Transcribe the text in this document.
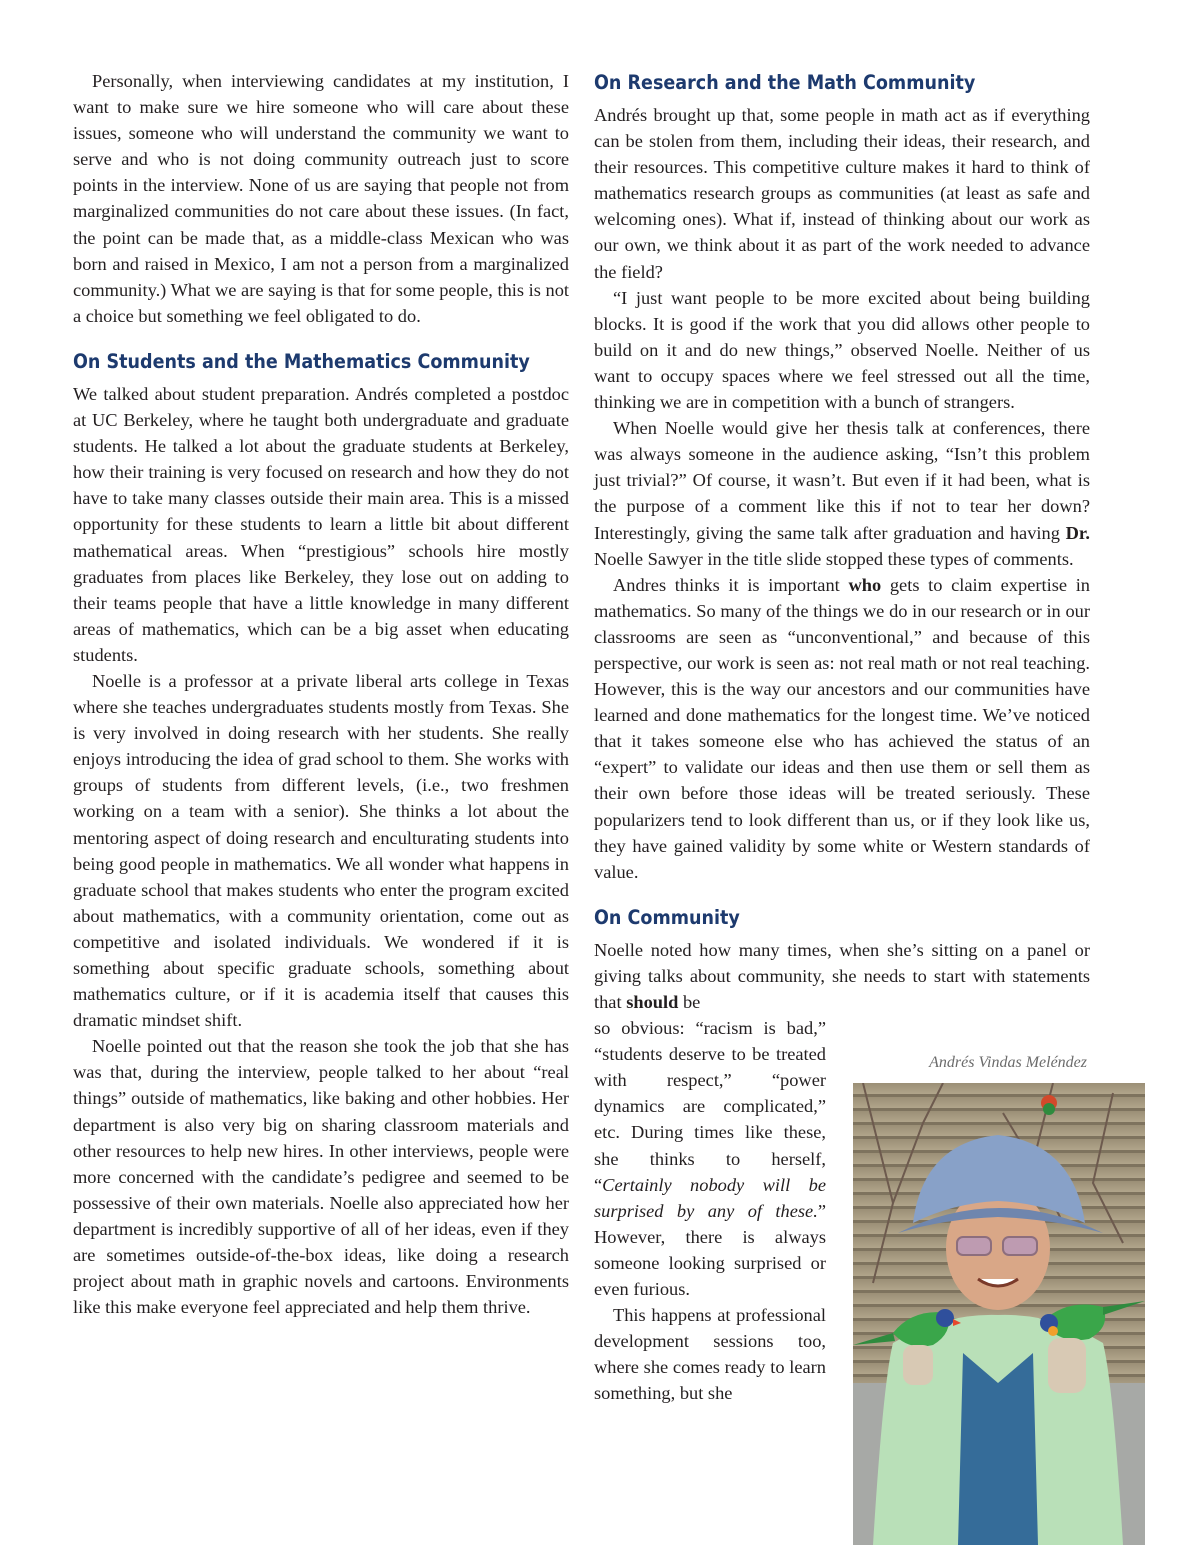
Personally, when interviewing candidates at my institution, I want to make sure we hire someone who will care about these issues, someone who will understand the community we want to serve and who is not doing community outreach just to score points in the interview. None of us are saying that people not from marginalized communities do not care about these issues. (In fact, the point can be made that, as a middle-class Mexican who was born and raised in Mexico, I am not a person from a marginalized community.) What we are saying is that for some people, this is not a choice but something we feel obligated to do.

On Students and the Mathematics Community

We talked about student preparation. Andrés completed a postdoc at UC Berkeley, where he taught both undergraduate and graduate students. He talked a lot about the graduate students at Berkeley, how their training is very focused on research and how they do not have to take many classes outside their main area. This is a missed opportunity for these students to learn a little bit about different mathematical areas. When “prestigious” schools hire mostly graduates from places like Berkeley, they lose out on adding to their teams people that have a little knowledge in many different areas of mathematics, which can be a big asset when educating students.

Noelle is a professor at a private liberal arts college in Texas where she teaches undergraduates students mostly from Texas. She is very involved in doing research with her students. She really enjoys introducing the idea of grad school to them. She works with groups of students from different levels, (i.e., two freshmen working on a team with a senior). She thinks a lot about the mentoring aspect of doing research and enculturating students into being good people in mathematics. We all wonder what happens in graduate school that makes students who enter the program excited about mathematics, with a community orientation, come out as competitive and isolated individuals. We wondered if it is something about specific graduate schools, something about mathematics culture, or if it is academia itself that causes this dramatic mindset shift.

Noelle pointed out that the reason she took the job that she has was that, during the interview, people talked to her about “real things” outside of mathematics, like baking and other hobbies. Her department is also very big on sharing classroom materials and other resources to help new hires. In other interviews, people were more concerned with the candidate’s pedigree and seemed to be possessive of their own materials. Noelle also appreciated how her department is incredibly supportive of all of her ideas, even if they are sometimes outside-of-the-box ideas, like doing a research project about math in graphic novels and cartoons. Environments like this make everyone feel appreciated and help them thrive.

On Research and the Math Community

Andrés brought up that, some people in math act as if everything can be stolen from them, including their ideas, their research, and their resources. This competitive culture makes it hard to think of mathematics research groups as communities (at least as safe and welcoming ones). What if, instead of thinking about our work as our own, we think about it as part of the work needed to advance the field?

“I just want people to be more excited about being building blocks. It is good if the work that you did allows other people to build on it and do new things,” observed Noelle. Neither of us want to occupy spaces where we feel stressed out all the time, thinking we are in competition with a bunch of strangers.

When Noelle would give her thesis talk at conferences, there was always someone in the audience asking, “Isn’t this problem just trivial?” Of course, it wasn’t. But even if it had been, what is the purpose of a comment like this if not to tear her down? Interestingly, giving the same talk after graduation and having Dr. Noelle Sawyer in the title slide stopped these types of comments.

Andres thinks it is important who gets to claim expertise in mathematics. So many of the things we do in our research or in our classrooms are seen as “unconventional,” and because of this perspective, our work is seen as: not real math or not real teaching. However, this is the way our ancestors and our communities have learned and done mathematics for the longest time. We’ve noticed that it takes someone else who has achieved the status of an “expert” to validate our ideas and then use them or sell them as their own before those ideas will be treated seriously. These popularizers tend to look different than us, or if they look like us, they have gained validity by some white or Western standards of value.

On Community

Noelle noted how many times, when she’s sitting on a panel or giving talks about community, she needs to start with statements that should be

so obvious: “racism is bad,” “students deserve to be treated with respect,” “power dynamics are complicated,” etc. During times like these, she thinks to herself, “Certainly nobody will be surprised by any of these.” However, there is always someone looking surprised or even furious.

This happens at professional development sessions too, where she comes ready to learn something, but she

Andrés Vindas Meléndez
